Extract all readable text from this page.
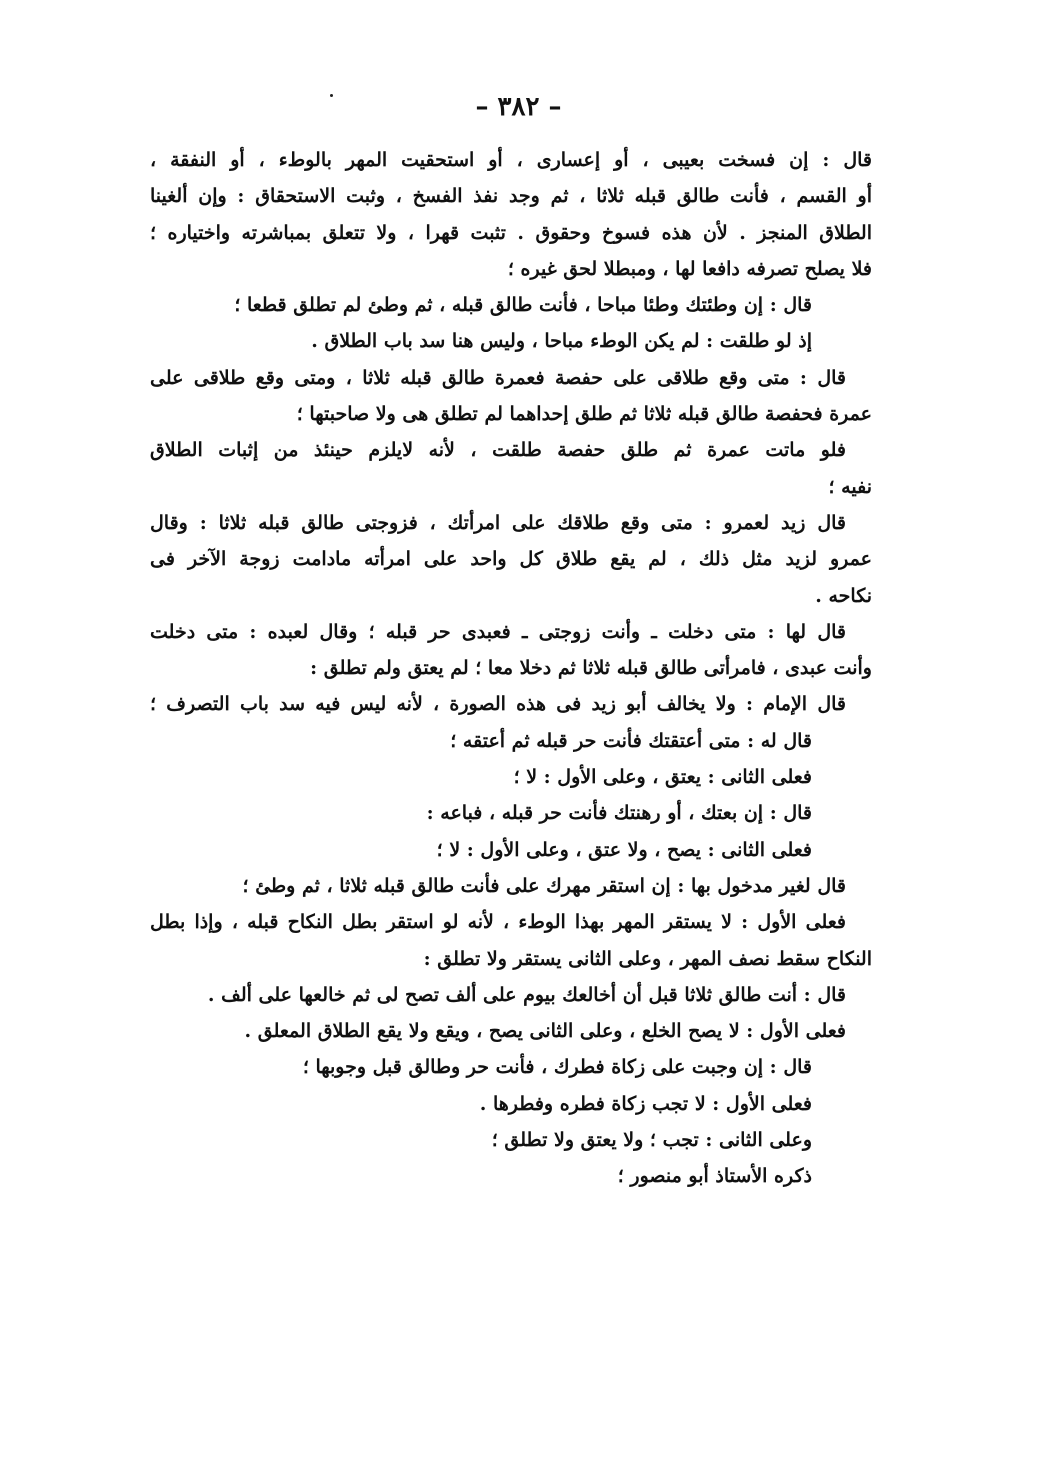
– ٣٨٢ –
قال : إن فسخت بعيبى ، أو إعسارى ، أو استحقيت المهر بالوطء ، أو النفقة ،
أو القسم ، فأنت طالق قبله ثلاثا ، ثم وجد نفذ الفسخ ، وثبت الاستحقاق : وإن ألغينا
الطلاق المنجز . لأن هذه فسوخ وحقوق . تثبت قهرا ، ولا تتعلق بمباشرته واختياره ؛
فلا يصلح تصرفه دافعا لها ، ومبطلا لحق غيره ؛
قال : إن وطئتك وطئا مباحا ، فأنت طالق قبله ، ثم وطئ لم تطلق قطعا ؛
إذ لو طلقت : لم يكن الوطء مباحا ، وليس هنا سد باب الطلاق .
قال : متى وقع طلاقى على حفصة فعمرة طالق قبله ثلاثا ، ومتى وقع طلاقى على
عمرة فحفصة طالق قبله ثلاثا ثم طلق إحداهما لم تطلق هى ولا صاحبتها ؛
فلو ماتت عمرة ثم طلق حفصة طلقت ، لأنه لايلزم حينئذ من إثبات الطلاق
نفيه ؛
قال زيد لعمرو : متى وقع طلاقك على امرأتك ، فزوجتى طالق قبله ثلاثا : وقال
عمرو لزيد مثل ذلك ، لم يقع طلاق كل واحد على امرأته مادامت زوجة الآخر فى
نكاحه .
قال لها : متى دخلت ـ وأنت زوجتى ـ فعبدى حر قبله ؛ وقال لعبده : متى دخلت
وأنت عبدى ، فامرأتى طالق قبله ثلاثا ثم دخلا معا ؛ لم يعتق ولم تطلق :
قال الإمام : ولا يخالف أبو زيد فى هذه الصورة ، لأنه ليس فيه سد باب التصرف ؛
قال له : متى أعتقتك فأنت حر قبله ثم أعتقه ؛
فعلى الثانى : يعتق ، وعلى الأول : لا ؛
قال : إن بعتك ، أو رهنتك فأنت حر قبله ، فباعه :
فعلى الثانى : يصح ، ولا عتق ، وعلى الأول : لا ؛
قال لغير مدخول بها : إن استقر مهرك على فأنت طالق قبله ثلاثا ، ثم وطئ ؛
فعلى الأول : لا يستقر المهر بهذا الوطء ، لأنه لو استقر بطل النكاح قبله ، وإذا بطل
النكاح سقط نصف المهر ، وعلى الثانى يستقر ولا تطلق :
قال : أنت طالق ثلاثا قبل أن أخالعك بيوم على ألف تصح لى ثم خالعها على ألف .
فعلى الأول : لا يصح الخلع ، وعلى الثانى يصح ، ويقع ولا يقع الطلاق المعلق .
قال : إن وجبت على زكاة فطرك ، فأنت حر وطالق قبل وجوبها ؛
فعلى الأول : لا تجب زكاة فطره وفطرها .
وعلى الثانى : تجب ؛ ولا يعتق ولا تطلق ؛
ذكره الأستاذ أبو منصور ؛
